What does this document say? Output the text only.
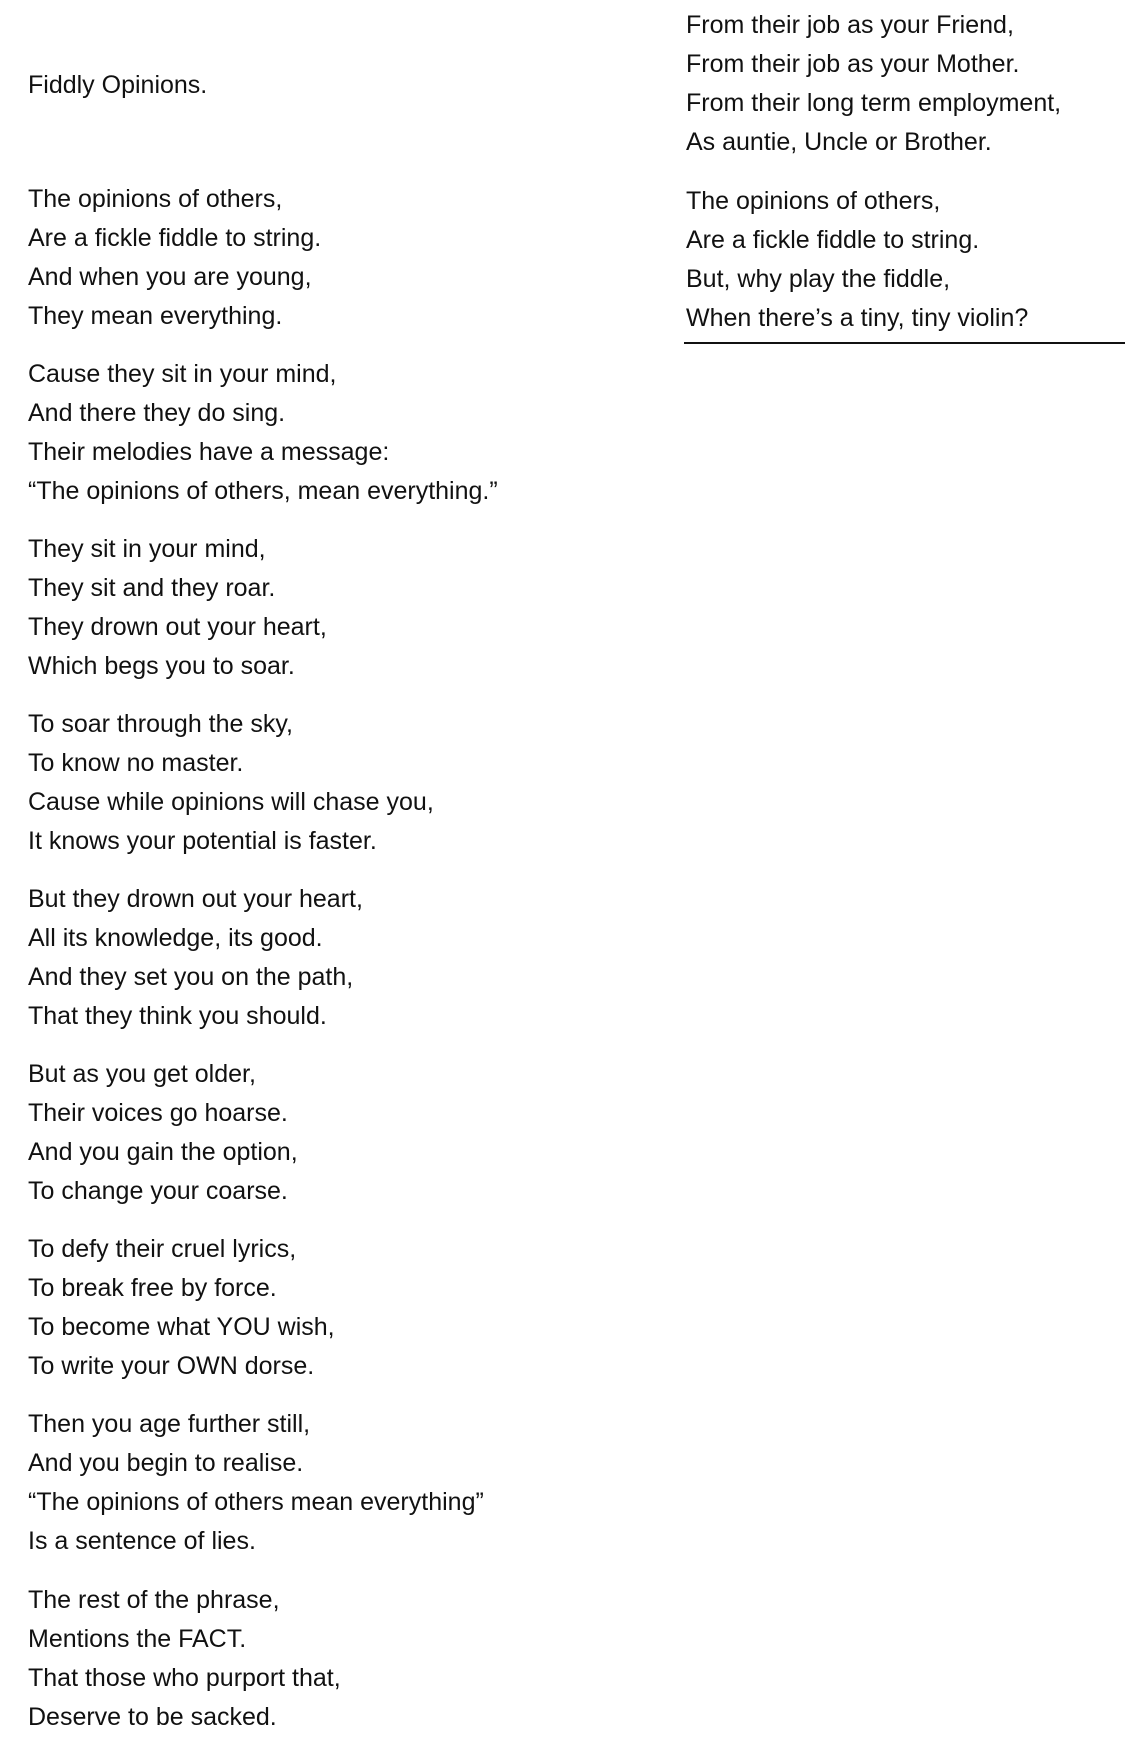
Fiddly Opinions.
The opinions of others,
Are a fickle fiddle to string.
And when you are young,
They mean everything.
Cause they sit in your mind,
And there they do sing.
Their melodies have a message:
“The opinions of others, mean everything.”
They sit in your mind,
They sit and they roar.
They drown out your heart,
Which begs you to soar.
To soar through the sky,
To know no master.
Cause while opinions will chase you,
It knows your potential is faster.
But they drown out your heart,
All its knowledge, its good.
And they set you on the path,
That they think you should.
But as you get older,
Their voices go hoarse.
And you gain the option,
To change your coarse.
To defy their cruel lyrics,
To break free by force.
To become what YOU wish,
To write your OWN dorse.
Then you age further still,
And you begin to realise.
“The opinions of others mean everything”
Is a sentence of lies.
The rest of the phrase,
Mentions the FACT.
That those who purport that,
Deserve to be sacked.
From their job as your Friend,
From their job as your Mother.
From their long term employment,
As auntie, Uncle or Brother.
The opinions of others,
Are a fickle fiddle to string.
But, why play the fiddle,
When there’s a tiny, tiny violin?
